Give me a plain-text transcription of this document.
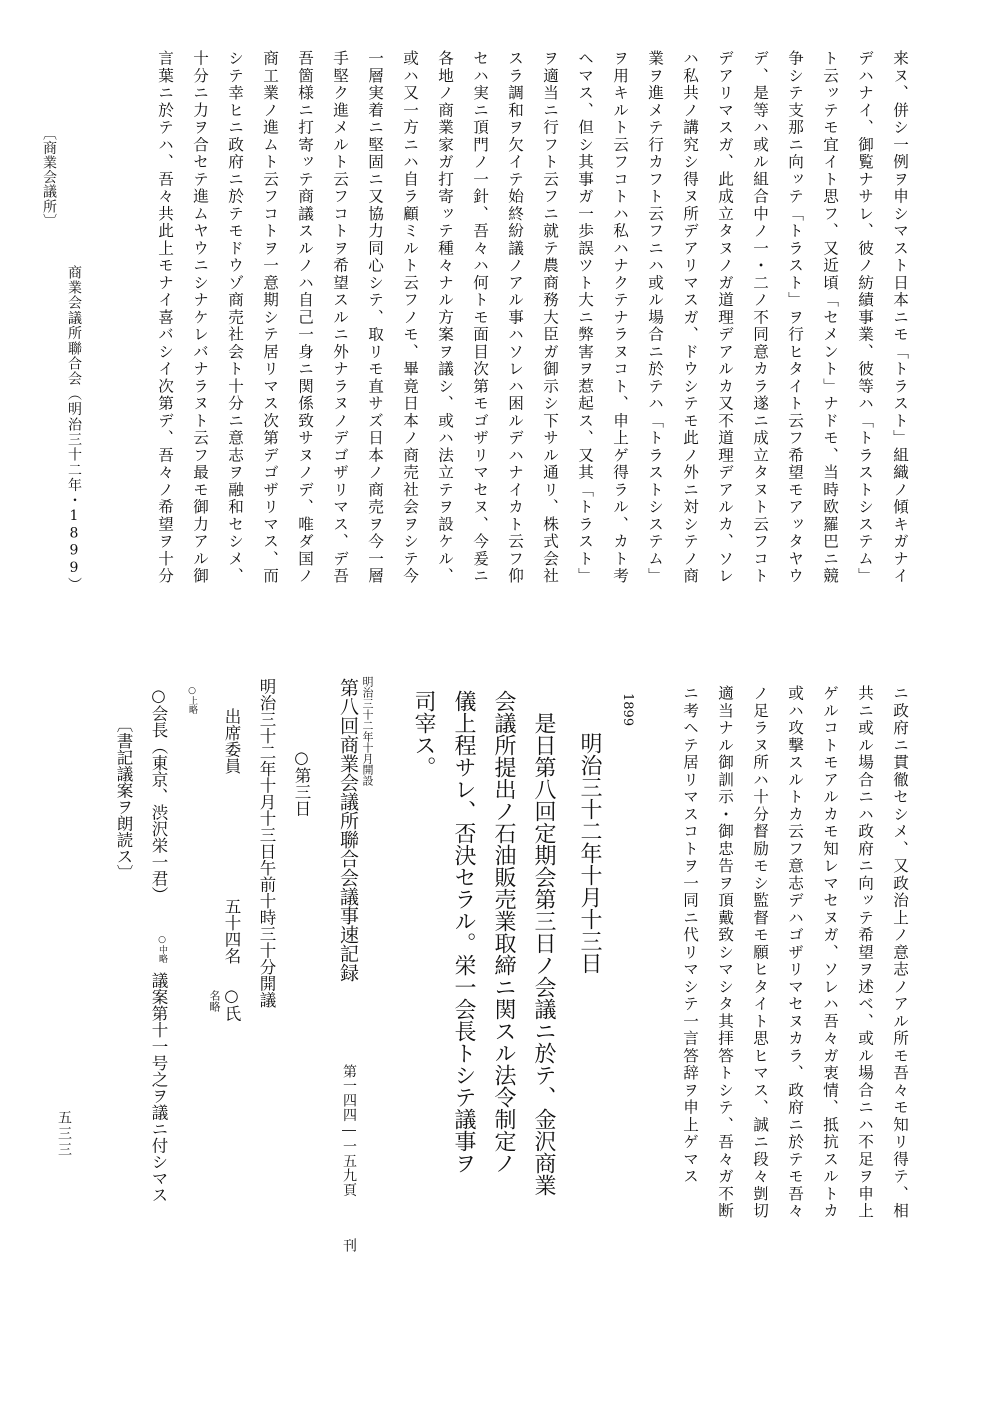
〔商業会議所〕
商業会議所聯合会（明治三十二年・1899）	来ヌ、併シ一例ヲ申シマスト日本ニモ「トラスト」組織ノ傾キガナイ
デハナイ、御覧ナサレ、彼ノ紡績事業、彼等ハ「トラストシステム」
ト云ッテモ宜イト思フ、又近頃「セメント」ナドモ、当時欧羅巴ニ競
争シテ支那ニ向ッテ「トラスト」ヲ行ヒタイト云フ希望モアッタヤウ
デ、是等ハ或ル組合中ノ一・二ノ不同意カラ遂ニ成立タヌト云フコト
デアリマスガ、此成立タヌノガ道理デアルカ又不道理デアルカ、ソレ
ハ私共ノ講究シ得ヌ所デアリマスガ、ドウシテモ此ノ外ニ対シテノ商
業ヲ進メテ行カフト云フニハ或ル場合ニ於テハ「トラストシステム」
ヲ用キルト云フコトハ私ハナクテナラヌコト、申上ゲ得ラル、カト考
ヘマス、但シ其事ガ一歩誤ツト大ニ弊害ヲ惹起ス、又其「トラスト」
ヲ適当ニ行フト云フニ就テ農商務大臣ガ御示シ下サル通リ、株式会社
スラ調和ヲ欠イテ始終紛議ノアル事ハソレハ困ルデハナイカト云フ仰
セハ実ニ頂門ノ一針、吾々ハ何トモ面目次第モゴザリマセヌ、今爰ニ
各地ノ商業家ガ打寄ッテ種々ナル方案ヲ議シ、或ハ法立テヲ設ケル、
或ハ又一方ニハ自ラ顧ミルト云フノモ、畢竟日本ノ商売社会ヲシテ今
一層実着ニ堅固ニ又協力同心シテ、取リモ直サズ日本ノ商売ヲ今一層
手堅ク進メルト云フコトヲ希望スルニ外ナラヌノデゴザリマス、デ吾
吾箇様ニ打寄ッテ商議スルノハ自己一身ニ関係致サヌノデ、唯ダ国ノ
商工業ノ進ムト云フコトヲ一意期シテ居リマス次第デゴザリマス、而
シテ幸ヒニ政府ニ於テモドウゾ商売社会ト十分ニ意志ヲ融和セシメ、
十分ニ力ヲ合セテ進ムヤウニシナケレバナラヌト云フ最モ御力アル御
言葉ニ於テハ、吾々共此上モナイ喜バシイ次第デ、吾々ノ希望ヲ十分
ニ政府ニ貫徹セシメ、又政治上ノ意志ノアル所モ吾々モ知リ得テ、相
共ニ或ル場合ニハ政府ニ向ッテ希望ヲ述ベ、或ル場合ニハ不足ヲ申上
ゲルコトモアルカモ知レマセヌガ、ソレハ吾々ガ衷情、抵抗スルトカ
或ハ攻撃スルトカ云フ意志デハゴザリマセヌカラ、政府ニ於テモ吾々
ノ足ラヌ所ハ十分督励モシ監督モ願ヒタイト思ヒマス、誠ニ段々剴切
適当ナル御訓示・御忠告ヲ頂戴致シマシタ其拝答トシテ、吾々ガ不断
ニ考ヘテ居リマスコトヲ一同ニ代リマシテ一言答辞ヲ申上ゲマス
1899
明治三十二年十月十三日
是日第八回定期会第三日ノ会議ニ於テ、金沢商業
会議所提出ノ石油販売業取締ニ関スル法令制定ノ
儀上程サレ、否決セラル。栄一会長トシテ議事ヲ
司宰ス。
明治三十二年十月開設
第八回商業会議所聯合会議事速記録
第一四四―一五九頁
刊
○第三日
明治三十二年十月十三日午前十時三十分開議
出席委員
五十四名
○氏
名略
○上略
○会長（東京、渋沢栄一君）
○中略
議案第十一号之ヲ議ニ付シマス
〔書記議案ヲ朗読ス〕
五三三
